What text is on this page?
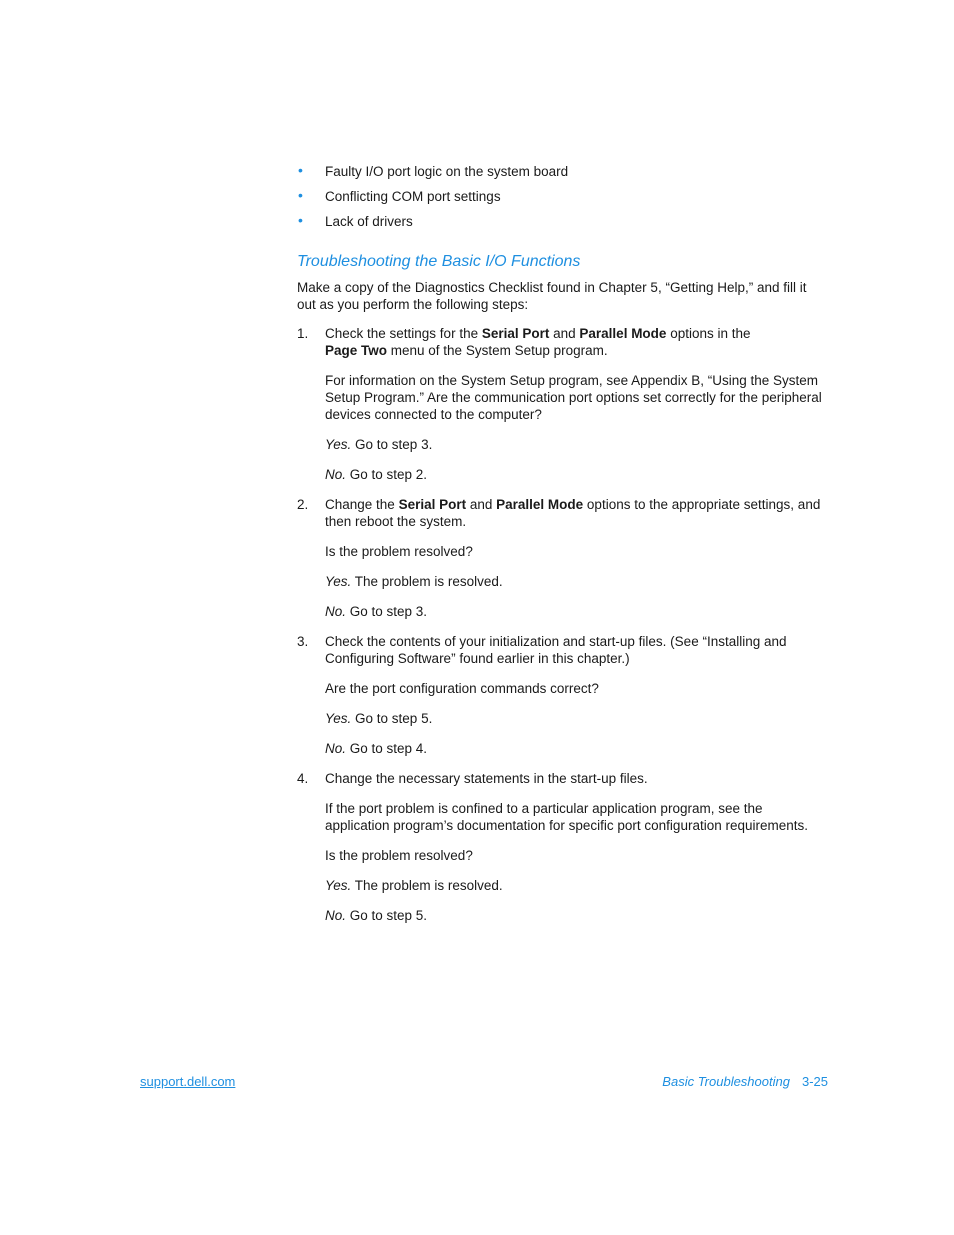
• Faulty I/O port logic on the system board
• Conflicting COM port settings
• Lack of drivers
Troubleshooting the Basic I/O Functions

Make a copy of the Diagnostics Checklist found in Chapter 5, “Getting Help,” and fill it out as you perform the following steps:

1. Check the settings for the Serial Port and Parallel Mode options in the
Page Two menu of the System Setup program.

For information on the System Setup program, see Appendix B, “Using the System Setup Program.” Are the communication port options set correctly for the peripheral devices connected to the computer?

Yes. Go to step 3.

No. Go to step 2.

2. Change the Serial Port and Parallel Mode options to the appropriate settings, and then reboot the system.

Is the problem resolved?

Yes. The problem is resolved.

No. Go to step 3.

3. Check the contents of your initialization and start-up files. (See “Installing and Configuring Software” found earlier in this chapter.)

Are the port configuration commands correct?

Yes. Go to step 5.

No. Go to step 4.

4. Change the necessary statements in the start-up files.

If the port problem is confined to a particular application program, see the application program’s documentation for specific port configuration requirements.

Is the problem resolved?

Yes. The problem is resolved.

No. Go to step 5.

support.dell.com	Basic Troubleshooting 3-25
